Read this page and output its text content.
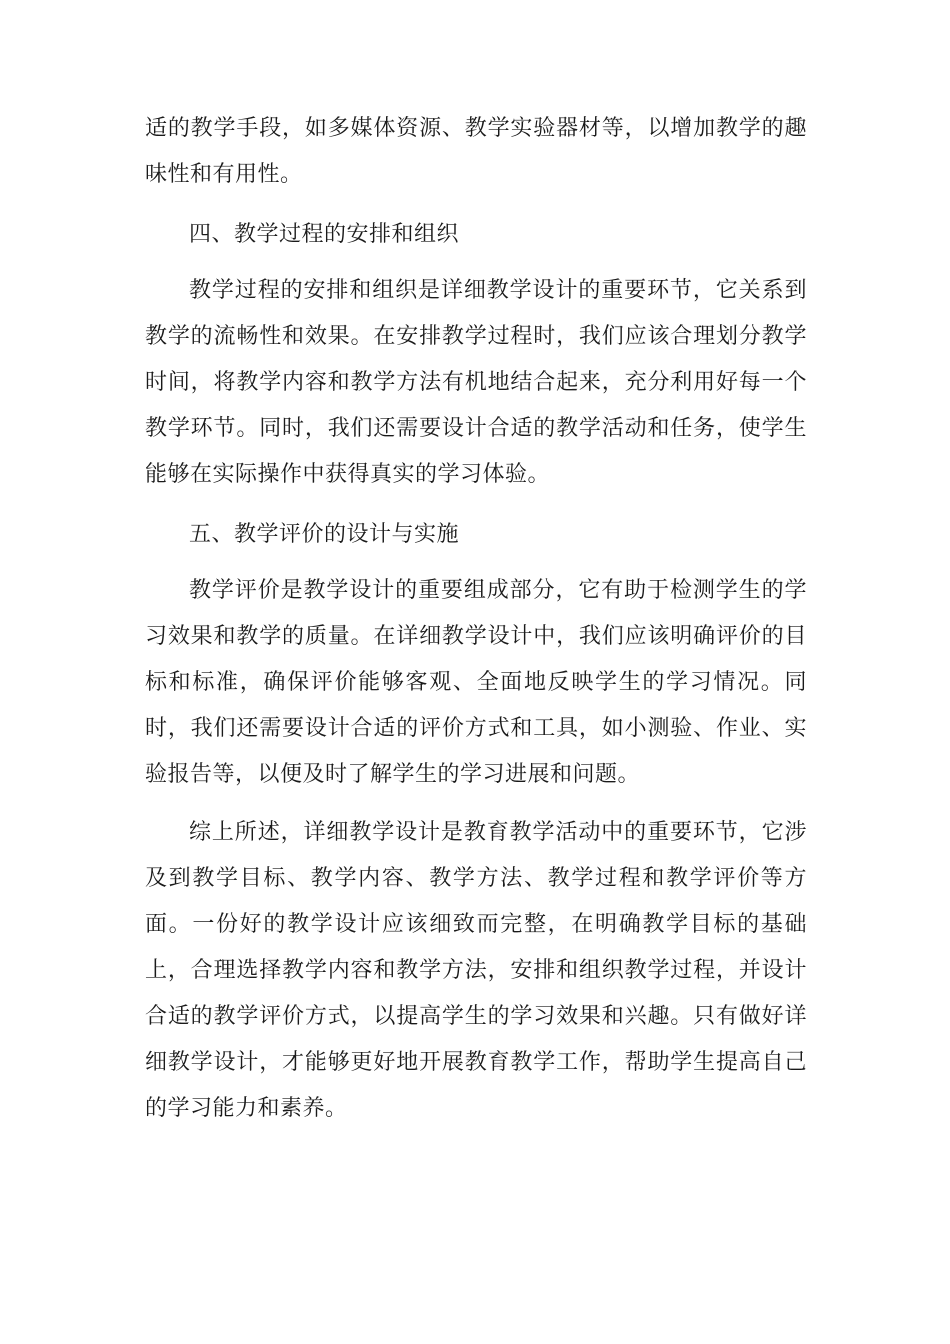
适的教学手段，如多媒体资源、教学实验器材等，以增加教学的趣味性和有用性。

四、教学过程的安排和组织

教学过程的安排和组织是详细教学设计的重要环节，它关系到教学的流畅性和效果。在安排教学过程时，我们应该合理划分教学时间，将教学内容和教学方法有机地结合起来，充分利用好每一个教学环节。同时，我们还需要设计合适的教学活动和任务，使学生能够在实际操作中获得真实的学习体验。

五、教学评价的设计与实施

教学评价是教学设计的重要组成部分，它有助于检测学生的学习效果和教学的质量。在详细教学设计中，我们应该明确评价的目标和标准，确保评价能够客观、全面地反映学生的学习情况。同时，我们还需要设计合适的评价方式和工具，如小测验、作业、实验报告等，以便及时了解学生的学习进展和问题。

综上所述，详细教学设计是教育教学活动中的重要环节，它涉及到教学目标、教学内容、教学方法、教学过程和教学评价等方面。一份好的教学设计应该细致而完整，在明确教学目标的基础上，合理选择教学内容和教学方法，安排和组织教学过程，并设计合适的教学评价方式，以提高学生的学习效果和兴趣。只有做好详细教学设计，才能够更好地开展教育教学工作，帮助学生提高自己的学习能力和素养。
